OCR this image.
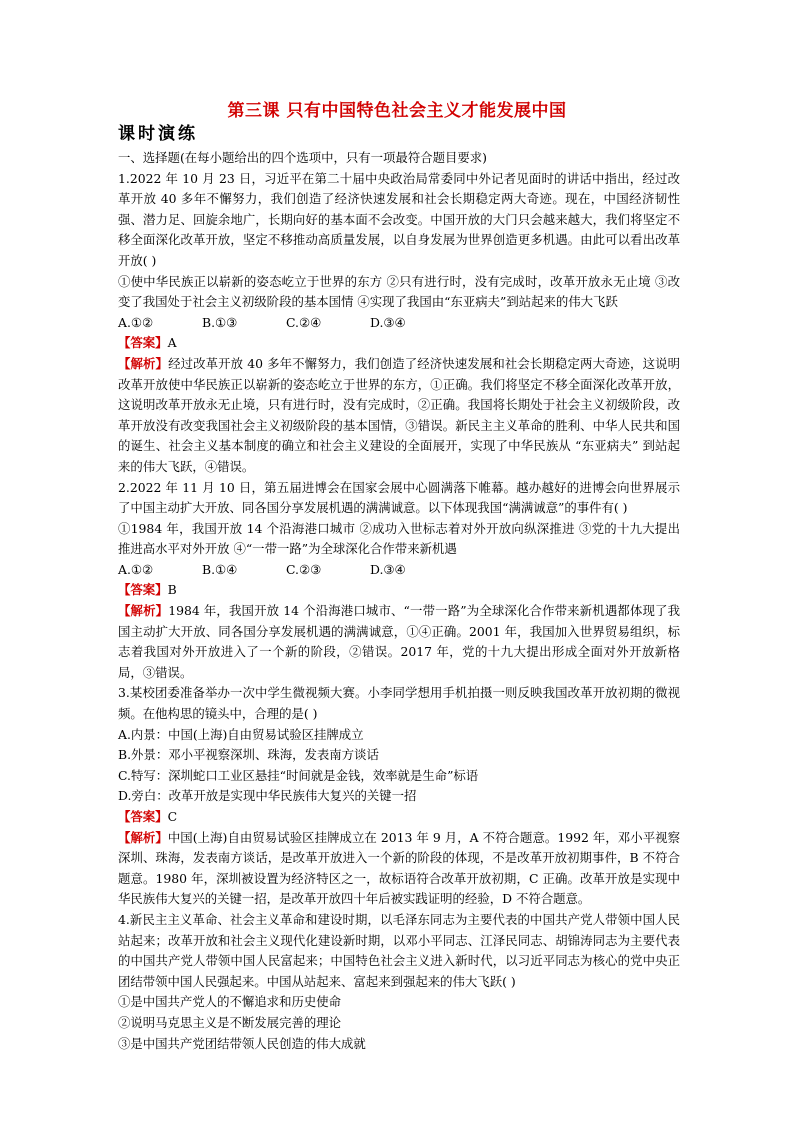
第三课 只有中国特色社会主义才能发展中国
课时演练

一、选择题(在每小题给出的四个选项中，只有一项最符合题目要求)

1.2022 年 10 月 23 日，习近平在第二十届中央政治局常委同中外记者见面时的讲话中指出，经过改革开放 40 多年不懈努力，我们创造了经济快速发展和社会长期稳定两大奇迹。现在，中国经济韧性强、潜力足、回旋余地广，长期向好的基本面不会改变。中国开放的大门只会越来越大，我们将坚定不移全面深化改革开放，坚定不移推动高质量发展，以自身发展为世界创造更多机遇。由此可以看出改革开放( )

①使中华民族正以崭新的姿态屹立于世界的东方 ②只有进行时，没有完成时，改革开放永无止境 ③改变了我国处于社会主义初级阶段的基本国情 ④实现了我国由“东亚病夫”到站起来的伟大飞跃

A.①②	B.①③	C.②④	D.③④

【答案】A

【解析】经过改革开放 40 多年不懈努力，我们创造了经济快速发展和社会长期稳定两大奇迹，这说明改革开放使中华民族正以崭新的姿态屹立于世界的东方，①正确。我们将坚定不移全面深化改革开放，这说明改革开放永无止境，只有进行时，没有完成时，②正确。我国将长期处于社会主义初级阶段，改革开放没有改变我国社会主义初级阶段的基本国情，③错误。新民主主义革命的胜利、中华人民共和国的诞生、社会主义基本制度的确立和社会主义建设的全面展开，实现了中华民族从 “东亚病夫” 到站起来的伟大飞跃，④错误。

2.2022 年 11 月 10 日，第五届进博会在国家会展中心圆满落下帷幕。越办越好的进博会向世界展示了中国主动扩大开放、同各国分享发展机遇的满满诚意。以下体现我国“满满诚意”的事件有( )

①1984 年，我国开放 14 个沿海港口城市 ②成功入世标志着对外开放向纵深推进 ③党的十九大提出推进高水平对外开放 ④“一带一路”为全球深化合作带来新机遇

A.①②	B.①④	C.②③	D.③④

【答案】B

【解析】1984 年，我国开放 14 个沿海港口城市、“一带一路”为全球深化合作带来新机遇都体现了我国主动扩大开放、同各国分享发展机遇的满满诚意，①④正确。2001 年，我国加入世界贸易组织，标志着我国对外开放进入了一个新的阶段，②错误。2017 年，党的十九大提出形成全面对外开放新格局，③错误。

3.某校团委准备举办一次中学生微视频大赛。小李同学想用手机拍摄一则反映我国改革开放初期的微视频。在他构思的镜头中，合理的是( )

A.内景：中国(上海)自由贸易试验区挂牌成立

B.外景：邓小平视察深圳、珠海，发表南方谈话

C.特写：深圳蛇口工业区悬挂“时间就是金钱，效率就是生命”标语

D.旁白：改革开放是实现中华民族伟大复兴的关键一招

【答案】C

【解析】中国(上海)自由贸易试验区挂牌成立在 2013 年 9 月，A 不符合题意。1992 年，邓小平视察深圳、珠海，发表南方谈话，是改革开放进入一个新的阶段的体现，不是改革开放初期事件，B 不符合题意。1980 年，深圳被设置为经济特区之一，故标语符合改革开放初期，C 正确。改革开放是实现中华民族伟大复兴的关键一招，是改革开放四十年后被实践证明的经验，D 不符合题意。

4.新民主主义革命、社会主义革命和建设时期，以毛泽东同志为主要代表的中国共产党人带领中国人民站起来；改革开放和社会主义现代化建设新时期，以邓小平同志、江泽民同志、胡锦涛同志为主要代表的中国共产党人带领中国人民富起来；中国特色社会主义进入新时代，以习近平同志为核心的党中央正团结带领中国人民强起来。中国从站起来、富起来到强起来的伟大飞跃( )

①是中国共产党人的不懈追求和历史使命

②说明马克思主义是不断发展完善的理论

③是中国共产党团结带领人民创造的伟大成就
